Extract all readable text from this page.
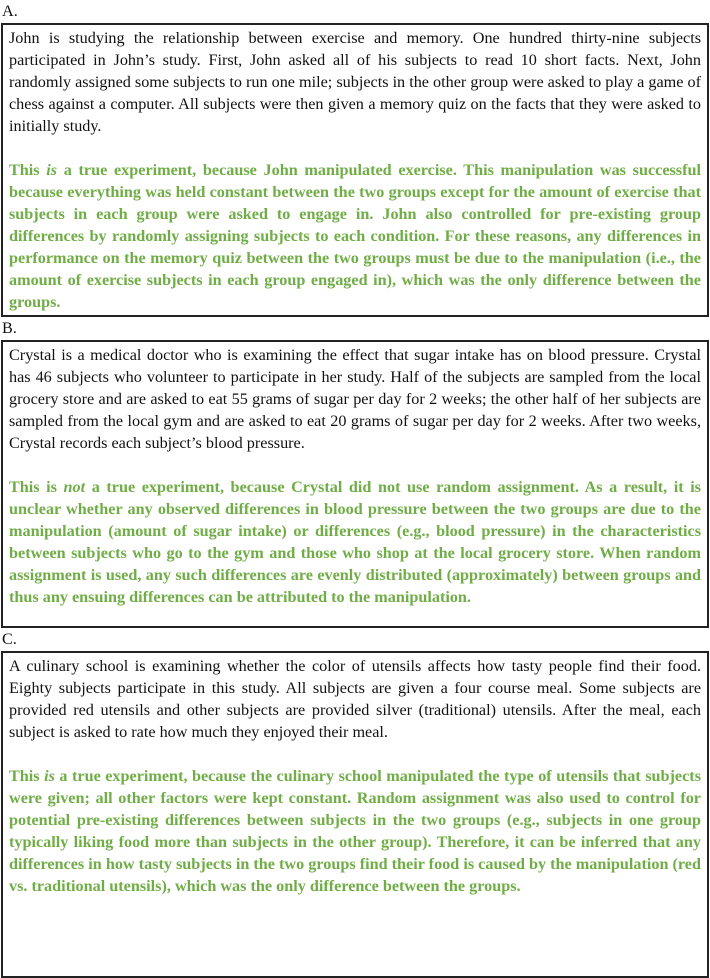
A.

John is studying the relationship between exercise and memory. One hundred thirty-nine subjects participated in John’s study. First, John asked all of his subjects to read 10 short facts. Next, John randomly assigned some subjects to run one mile; subjects in the other group were asked to play a game of chess against a computer. All subjects were then given a memory quiz on the facts that they were asked to initially study.

This is a true experiment, because John manipulated exercise. This manipulation was successful because everything was held constant between the two groups except for the amount of exercise that subjects in each group were asked to engage in. John also controlled for pre-existing group differences by randomly assigning subjects to each condition. For these reasons, any differences in performance on the memory quiz between the two groups must be due to the manipulation (i.e., the amount of exercise subjects in each group engaged in), which was the only difference between the groups.

B.

Crystal is a medical doctor who is examining the effect that sugar intake has on blood pressure. Crystal has 46 subjects who volunteer to participate in her study. Half of the subjects are sampled from the local grocery store and are asked to eat 55 grams of sugar per day for 2 weeks; the other half of her subjects are sampled from the local gym and are asked to eat 20 grams of sugar per day for 2 weeks. After two weeks, Crystal records each subject’s blood pressure.

This is not a true experiment, because Crystal did not use random assignment. As a result, it is unclear whether any observed differences in blood pressure between the two groups are due to the manipulation (amount of sugar intake) or differences (e.g., blood pressure) in the characteristics between subjects who go to the gym and those who shop at the local grocery store. When random assignment is used, any such differences are evenly distributed (approximately) between groups and thus any ensuing differences can be attributed to the manipulation.

C.

A culinary school is examining whether the color of utensils affects how tasty people find their food. Eighty subjects participate in this study. All subjects are given a four course meal. Some subjects are provided red utensils and other subjects are provided silver (traditional) utensils. After the meal, each subject is asked to rate how much they enjoyed their meal.

This is a true experiment, because the culinary school manipulated the type of utensils that subjects were given; all other factors were kept constant. Random assignment was also used to control for potential pre-existing differences between subjects in the two groups (e.g., subjects in one group typically liking food more than subjects in the other group). Therefore, it can be inferred that any differences in how tasty subjects in the two groups find their food is caused by the manipulation (red vs. traditional utensils), which was the only difference between the groups.
